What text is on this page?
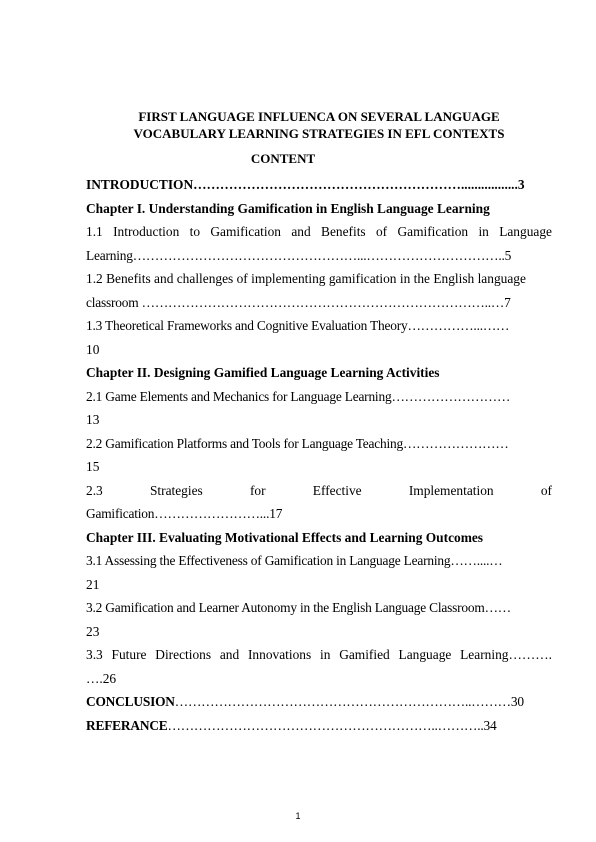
FIRST LANGUAGE INFLUENCA ON SEVERAL LANGUAGE
VOCABULARY LEARNING STRATEGIES IN EFL CONTEXTS
CONTENT
INTRODUCTION…………………………………………………….................3
Chapter I. Understanding Gamification in English Language Learning
1.1 Introduction to Gamification and Benefits of Gamification in Language
Learning……………………………………………...…………………………..5
1.2 Benefits and challenges of implementing gamification in the English language
classroom ……………………………………………………………………..…7
1.3 Theoretical Frameworks and Cognitive Evaluation Theory……………...……
10
Chapter II. Designing Gamified Language Learning Activities
2.1 Game Elements and Mechanics for Language Learning………………………
13
2.2 Gamification Platforms and Tools for Language Teaching……………………
15
2.3	Strategies	for	Effective	Implementation	of
Gamification……………………...17
Chapter III. Evaluating Motivational Effects and Learning Outcomes
3.1 Assessing the Effectiveness of Gamification in Language Learning……....…
21
3.2 Gamification and Learner Autonomy in the English Language Classroom……
23
3.3 Future Directions and Innovations in Gamified Language Learning……….
….26
CONCLUSION…………………………………………………………..………30
REFERANCE……………………………………………………..………..34
1
